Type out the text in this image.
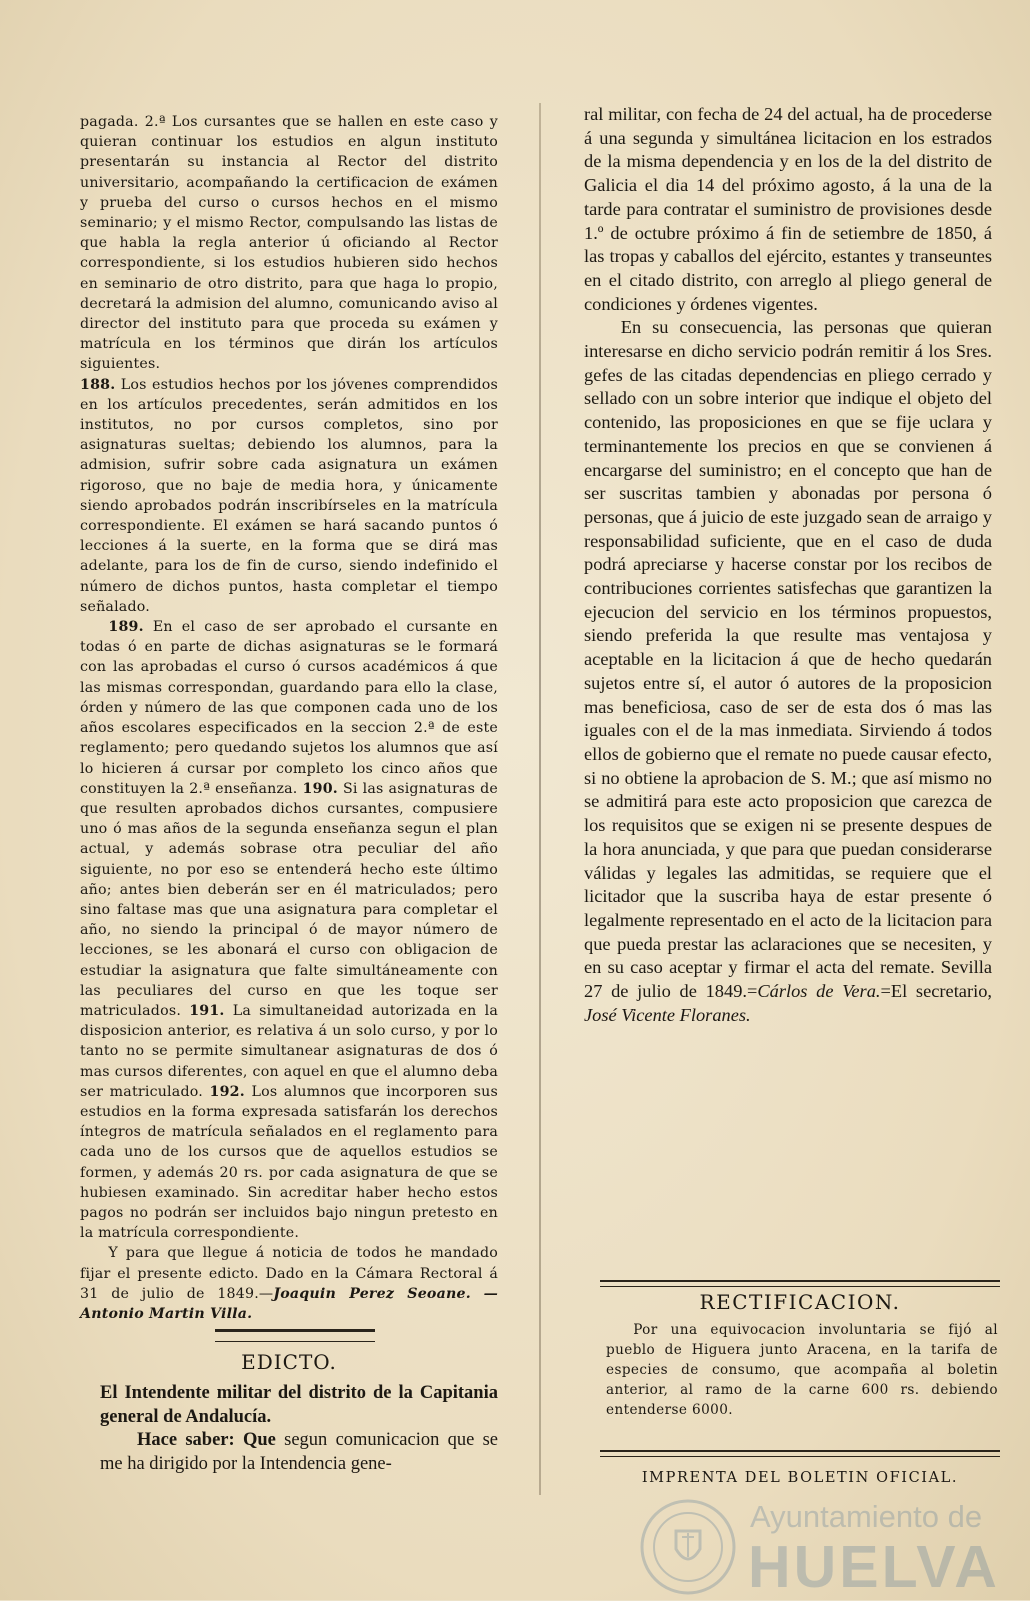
pagada. 2.ª Los cursantes que se hallen en este caso y quieran continuar los estudios en algun instituto presentarán su instancia al Rector del distrito universitario, acompañando la certificacion de exámen y prueba del curso o cursos hechos en el mismo seminario; y el mismo Rector, compulsando las listas de que habla la regla anterior ú oficiando al Rector correspondiente, si los estudios hubieren sido hechos en seminario de otro distrito, para que haga lo propio, decretará la admision del alumno, comunicando aviso al director del instituto para que proceda su exámen y matrícula en los términos que dirán los artículos siguientes.

188. Los estudios hechos por los jóvenes comprendidos en los artículos precedentes, serán admitidos en los institutos, no por cursos completos, sino por asignaturas sueltas; debiendo los alumnos, para la admision, sufrir sobre cada asignatura un exámen rigoroso, que no baje de media hora, y únicamente siendo aprobados podrán inscribírseles en la matrícula correspondiente. El exámen se hará sacando puntos ó lecciones á la suerte, en la forma que se dirá mas adelante, para los de fin de curso, siendo indefinido el número de dichos puntos, hasta completar el tiempo señalado.

189. En el caso de ser aprobado el cursante en todas ó en parte de dichas asignaturas se le formará con las aprobadas el curso ó cursos académicos á que las mismas correspondan, guardando para ello la clase, órden y número de las que componen cada uno de los años escolares especificados en la seccion 2.ª de este reglamento; pero quedando sujetos los alumnos que así lo hicieren á cursar por completo los cinco años que constituyen la 2.ª enseñanza. 190. Si las asignaturas de que resulten aprobados dichos cursantes, compusiere uno ó mas años de la segunda enseñanza segun el plan actual, y además sobrase otra peculiar del año siguiente, no por eso se entenderá hecho este último año; antes bien deberán ser en él matriculados; pero sino faltase mas que una asignatura para completar el año, no siendo la principal ó de mayor número de lecciones, se les abonará el curso con obligacion de estudiar la asignatura que falte simultáneamente con las peculiares del curso en que les toque ser matriculados. 191. La simultaneidad autorizada en la disposicion anterior, es relativa á un solo curso, y por lo tanto no se permite simultanear asignaturas de dos ó mas cursos diferentes, con aquel en que el alumno deba ser matriculado. 192. Los alumnos que incorporen sus estudios en la forma expresada satisfarán los derechos íntegros de matrícula señalados en el reglamento para cada uno de los cursos que de aquellos estudios se formen, y además 20 rs. por cada asignatura de que se hubiesen examinado. Sin acreditar haber hecho estos pagos no podrán ser incluidos bajo ningun pretesto en la matrícula correspondiente.

Y para que llegue á noticia de todos he mandado fijar el presente edicto. Dado en la Cámara Rectoral á 31 de julio de 1849.—Joaquin Perez Seoane. — Antonio Martin Villa.

EDICTO.

El Intendente militar del distrito de la Capitania general de Andalucía.

Hace saber: Que segun comunicacion que se me ha dirigido por la Intendencia gene-

ral militar, con fecha de 24 del actual, ha de procederse á una segunda y simultánea licitacion en los estrados de la misma dependencia y en los de la del distrito de Galicia el dia 14 del próximo agosto, á la una de la tarde para contratar el suministro de provisiones desde 1.º de octubre próximo á fin de setiembre de 1850, á las tropas y caballos del ejército, estantes y transeuntes en el citado distrito, con arreglo al pliego general de condiciones y órdenes vigentes.

En su consecuencia, las personas que quieran interesarse en dicho servicio podrán remitir á los Sres. gefes de las citadas dependencias en pliego cerrado y sellado con un sobre interior que indique el objeto del contenido, las proposiciones en que se fije uclara y terminantemente los precios en que se convienen á encargarse del suministro; en el concepto que han de ser suscritas tambien y abonadas por persona ó personas, que á juicio de este juzgado sean de arraigo y responsabilidad suficiente, que en el caso de duda podrá apreciarse y hacerse constar por los recibos de contribuciones corrientes satisfechas que garantizen la ejecucion del servicio en los términos propuestos, siendo preferida la que resulte mas ventajosa y aceptable en la licitacion á que de hecho quedarán sujetos entre sí, el autor ó autores de la proposicion mas beneficiosa, caso de ser de esta dos ó mas las iguales con el de la mas inmediata. Sirviendo á todos ellos de gobierno que el remate no puede causar efecto, si no obtiene la aprobacion de S. M.; que así mismo no se admitirá para este acto proposicion que carezca de los requisitos que se exigen ni se presente despues de la hora anunciada, y que para que puedan considerarse válidas y legales las admitidas, se requiere que el licitador que la suscriba haya de estar presente ó legalmente representado en el acto de la licitacion para que pueda prestar las aclaraciones que se necesiten, y en su caso aceptar y firmar el acta del remate. Sevilla 27 de julio de 1849.=Cárlos de Vera.=El secretario, José Vicente Floranes.

RECTIFICACION.

Por una equivocacion involuntaria se fijó al pueblo de Higuera junto Aracena, en la tarifa de especies de consumo, que acompaña al boletin anterior, al ramo de la carne 600 rs. debiendo entenderse 6000.

IMPRENTA DEL BOLETIN OFICIAL.
Ayuntamiento de
HUELVA
